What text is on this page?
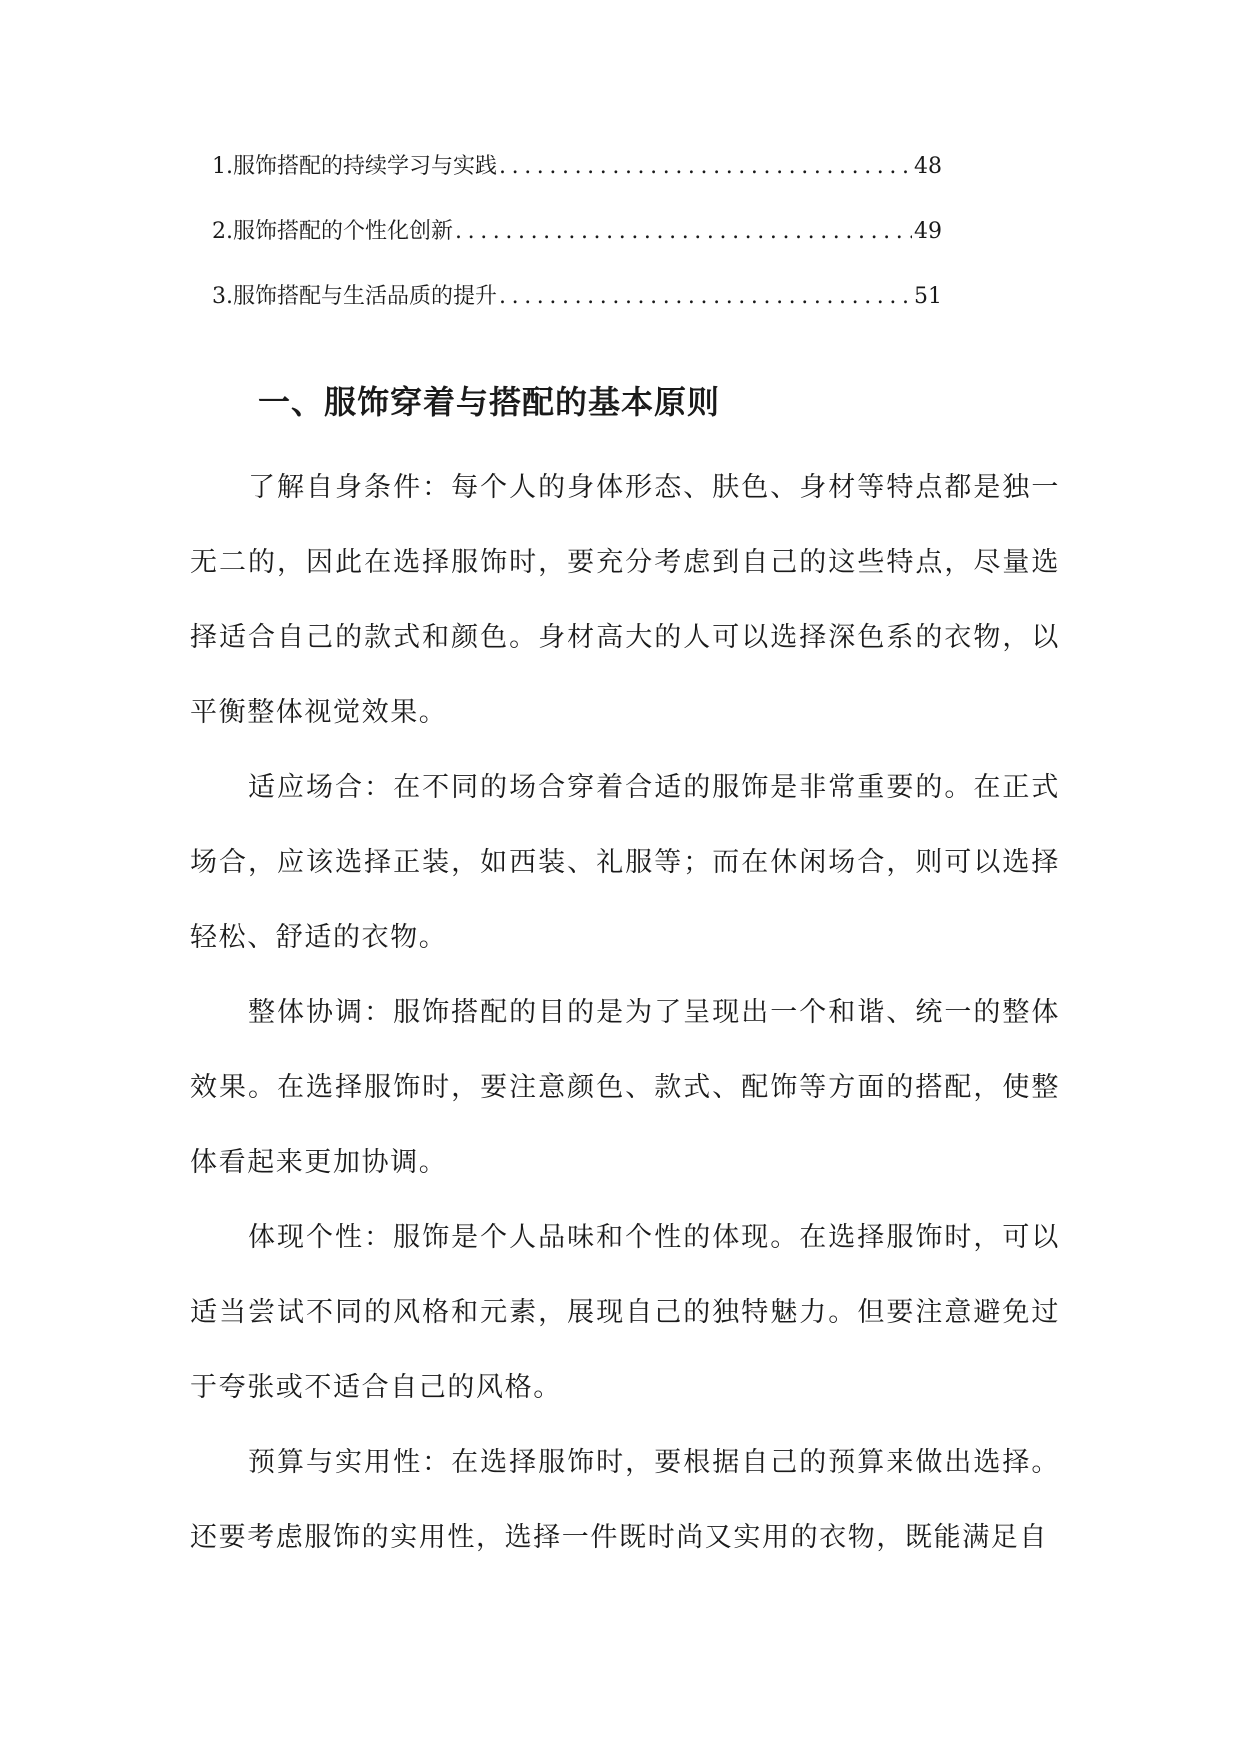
1. 服饰搭配的持续学习与实践 .....	48
2. 服饰搭配的个性化创新 .....	49
3. 服饰搭配与生活品质的提升 .....	51
一、服饰穿着与搭配的基本原则

了解自身条件：每个人的身体形态、肤色、身材等特点都是独一无二的，因此在选择服饰时，要充分考虑到自己的这些特点，尽量选择适合自己的款式和颜色。身材高大的人可以选择深色系的衣物，以平衡整体视觉效果。

适应场合：在不同的场合穿着合适的服饰是非常重要的。在正式场合，应该选择正装，如西装、礼服等；而在休闲场合，则可以选择轻松、舒适的衣物。

整体协调：服饰搭配的目的是为了呈现出一个和谐、统一的整体效果。在选择服饰时，要注意颜色、款式、配饰等方面的搭配，使整体看起来更加协调。

体现个性：服饰是个人品味和个性的体现。在选择服饰时，可以适当尝试不同的风格和元素，展现自己的独特魅力。但要注意避免过于夸张或不适合自己的风格。

预算与实用性：在选择服饰时，要根据自己的预算来做出选择。还要考虑服饰的实用性，选择一件既时尚又实用的衣物，既能满足自
